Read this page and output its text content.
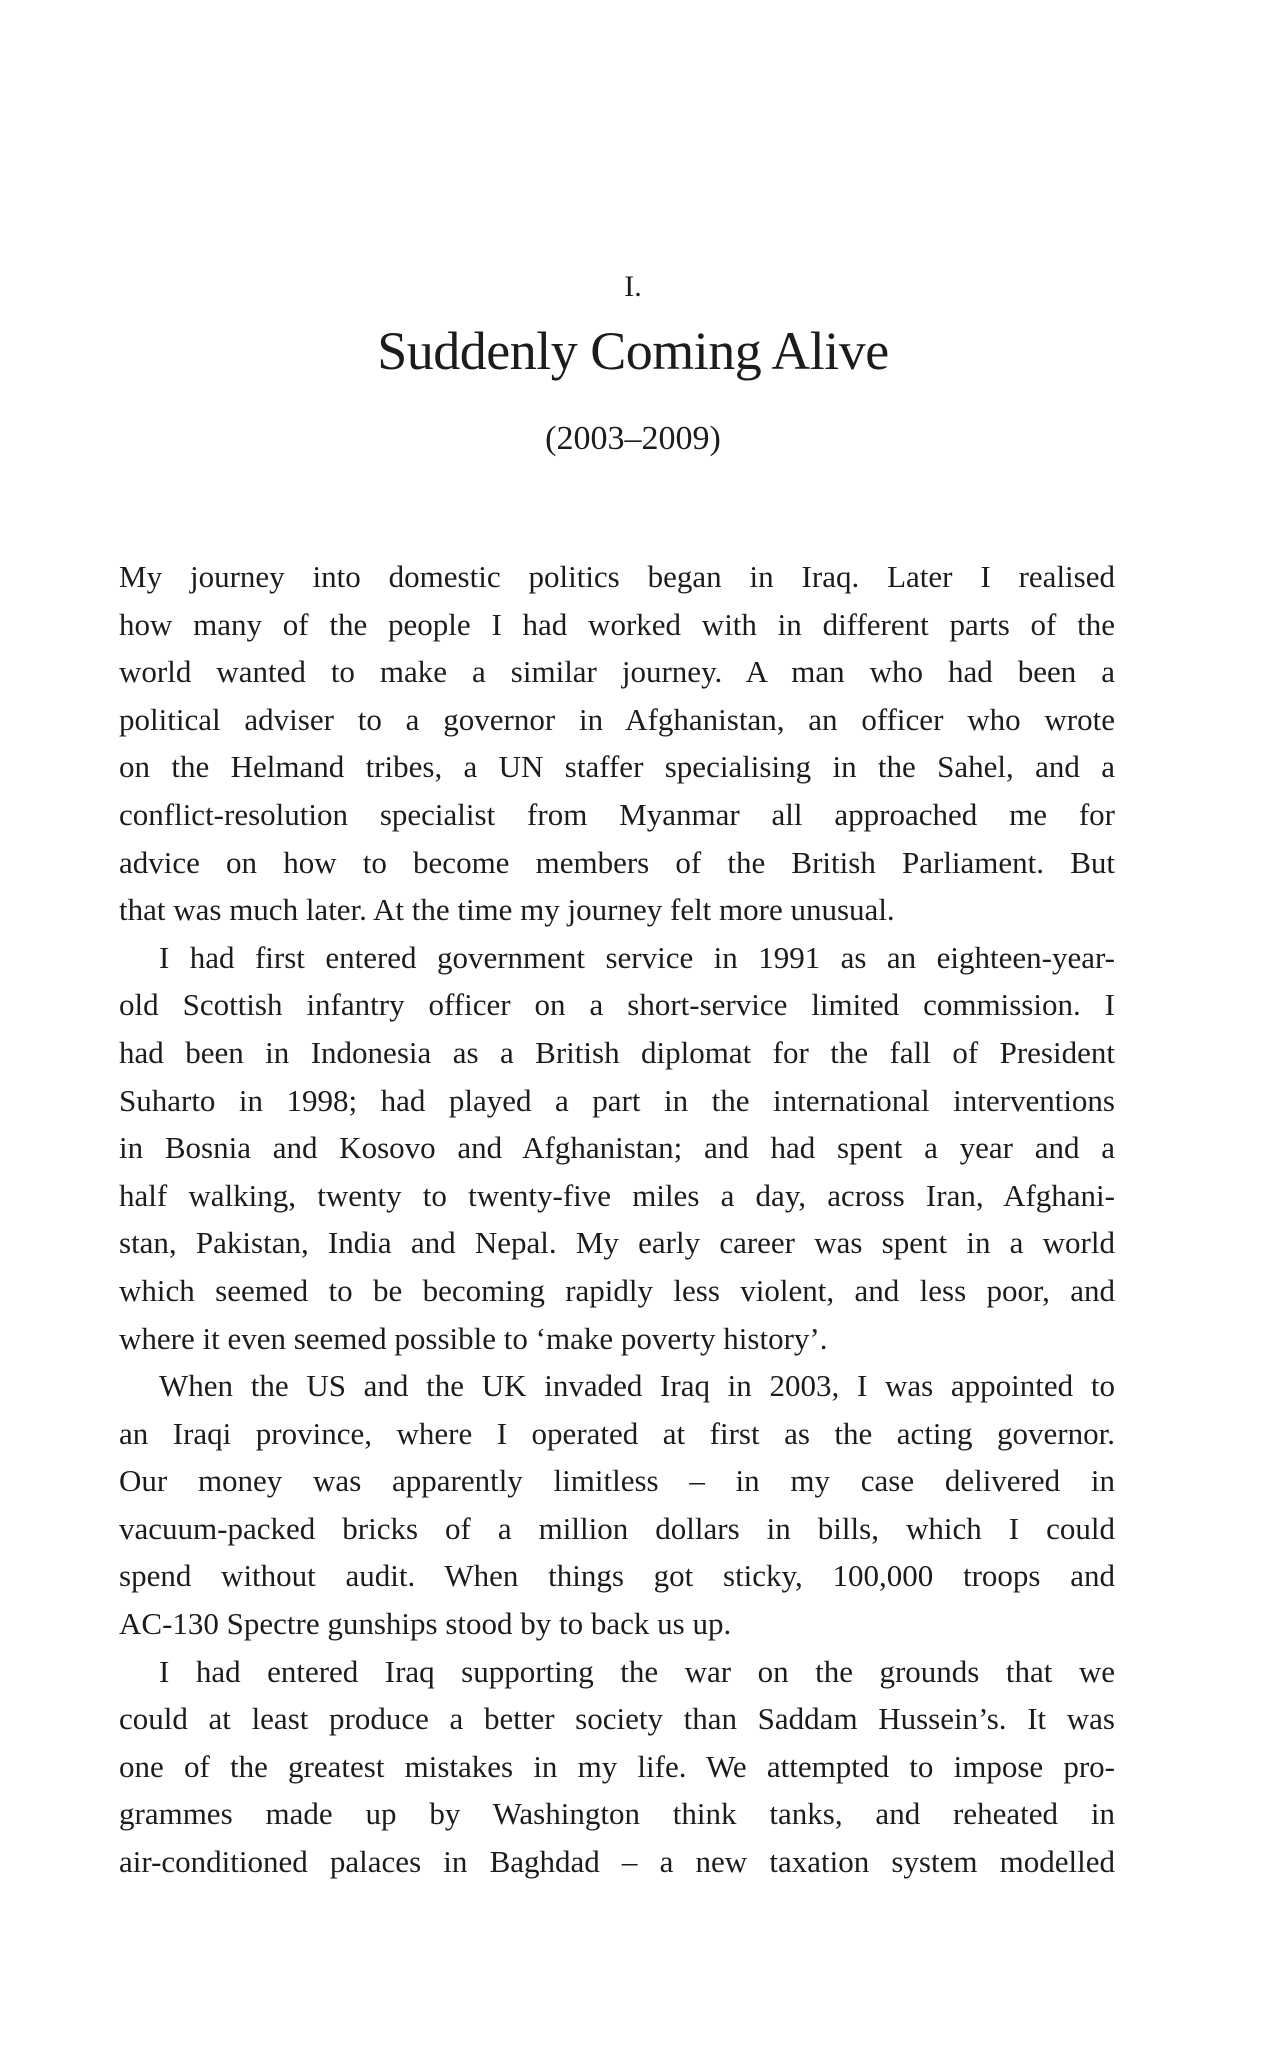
I.
Suddenly Coming Alive
(2003–2009)
My journey into domestic politics began in Iraq. Later I realised
how many of the people I had worked with in different parts of the
world wanted to make a similar journey. A man who had been a
political adviser to a governor in Afghanistan, an officer who wrote
on the Helmand tribes, a UN staffer specialising in the Sahel, and a
conflict-resolution specialist from Myanmar all approached me for
advice on how to become members of the British Parliament. But
that was much later. At the time my journey felt more unusual.
I had first entered government service in 1991 as an eighteen-year-
old Scottish infantry officer on a short-service limited commission. I
had been in Indonesia as a British diplomat for the fall of President
Suharto in 1998; had played a part in the international interventions
in Bosnia and Kosovo and Afghanistan; and had spent a year and a
half walking, twenty to twenty-five miles a day, across Iran, Afghani-
stan, Pakistan, India and Nepal. My early career was spent in a world
which seemed to be becoming rapidly less violent, and less poor, and
where it even seemed possible to ‘make poverty history’.
When the US and the UK invaded Iraq in 2003, I was appointed to
an Iraqi province, where I operated at first as the acting governor.
Our money was apparently limitless – in my case delivered in
vacuum-packed bricks of a million dollars in bills, which I could
spend without audit. When things got sticky, 100,000 troops and
AC-130 Spectre gunships stood by to back us up.
I had entered Iraq supporting the war on the grounds that we
could at least produce a better society than Saddam Hussein’s. It was
one of the greatest mistakes in my life. We attempted to impose pro-
grammes made up by Washington think tanks, and reheated in
air-conditioned palaces in Baghdad – a new taxation system modelled
